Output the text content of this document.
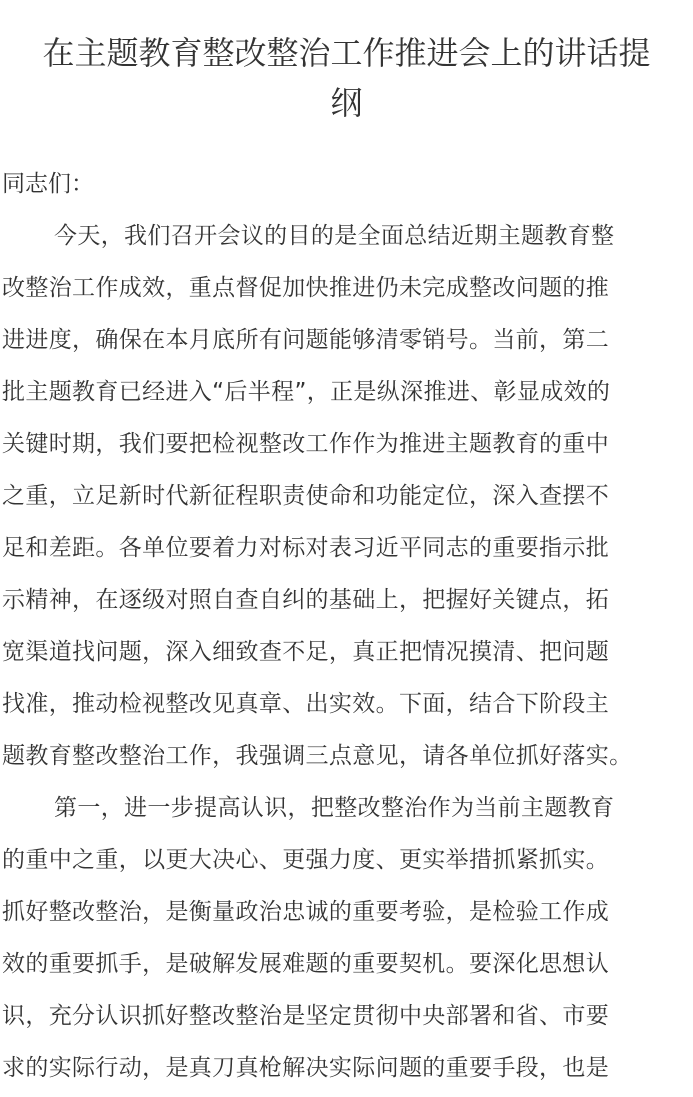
在主题教育整改整治工作推进会上的讲话提
纲

同志们：

今天，我们召开会议的目的是全面总结近期主题教育整
改整治工作成效，重点督促加快推进仍未完成整改问题的推
进进度，确保在本月底所有问题能够清零销号。当前，第二
批主题教育已经进入“后半程”，正是纵深推进、彰显成效的
关键时期，我们要把检视整改工作作为推进主题教育的重中
之重，立足新时代新征程职责使命和功能定位，深入查摆不
足和差距。各单位要着力对标对表习近平同志的重要指示批
示精神，在逐级对照自查自纠的基础上，把握好关键点，拓
宽渠道找问题，深入细致查不足，真正把情况摸清、把问题
找准，推动检视整改见真章、出实效。下面，结合下阶段主
题教育整改整治工作，我强调三点意见，请各单位抓好落实。
第一，进一步提高认识，把整改整治作为当前主题教育
的重中之重，以更大决心、更强力度、更实举措抓紧抓实。
抓好整改整治，是衡量政治忠诚的重要考验，是检验工作成
效的重要抓手，是破解发展难题的重要契机。要深化思想认
识，充分认识抓好整改整治是坚定贯彻中央部署和省、市要
求的实际行动，是真刀真枪解决实际问题的重要手段，也是
